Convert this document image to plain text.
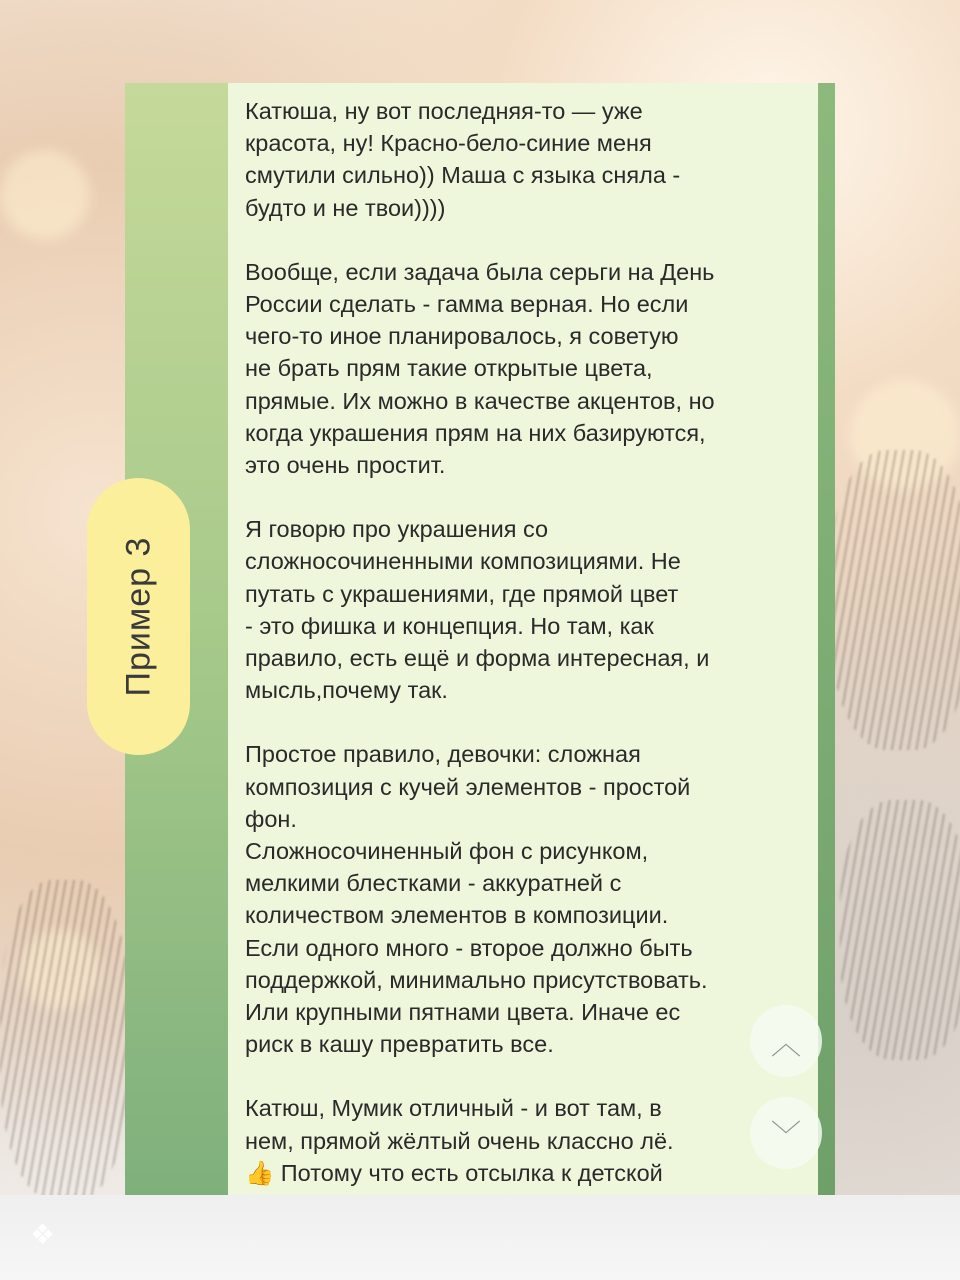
Катюша, ну вот последняя-то — уже
красота, ну! Красно-бело-синие меня
смутили сильно)) Маша с языка сняла -
будто и не твои))))

Вообще, если задача была серьги на День
России сделать - гамма верная. Но если
чего-то иное планировалось, я советую
не брать прям такие открытые цвета,
прямые. Их можно в качестве акцентов, но
когда украшения прям на них базируются,
это очень простит.

Я говорю про украшения со
сложносочиненными композициями. Не
путать с украшениями, где прямой цвет
- это фишка и концепция. Но там, как
правило, есть ещё и форма интересная, и
мысль,почему так.

Простое правило, девочки: сложная
композиция с кучей элементов - простой
фон.
Сложносочиненный фон с рисунком,
мелкими блестками - аккуратней с
количеством элементов в композиции.
Если одного много - второе должно быть
поддержкой, минимально присутствовать.
Или крупными пятнами цвета. Иначе ес
риск в кашу превратить все.

Катюш, Мумик отличный - и вот там, в
нем, прямой жёлтый очень классно лё.
👍 Потому что есть отсылка к детской

Пример 3
︿
﹀
❖
